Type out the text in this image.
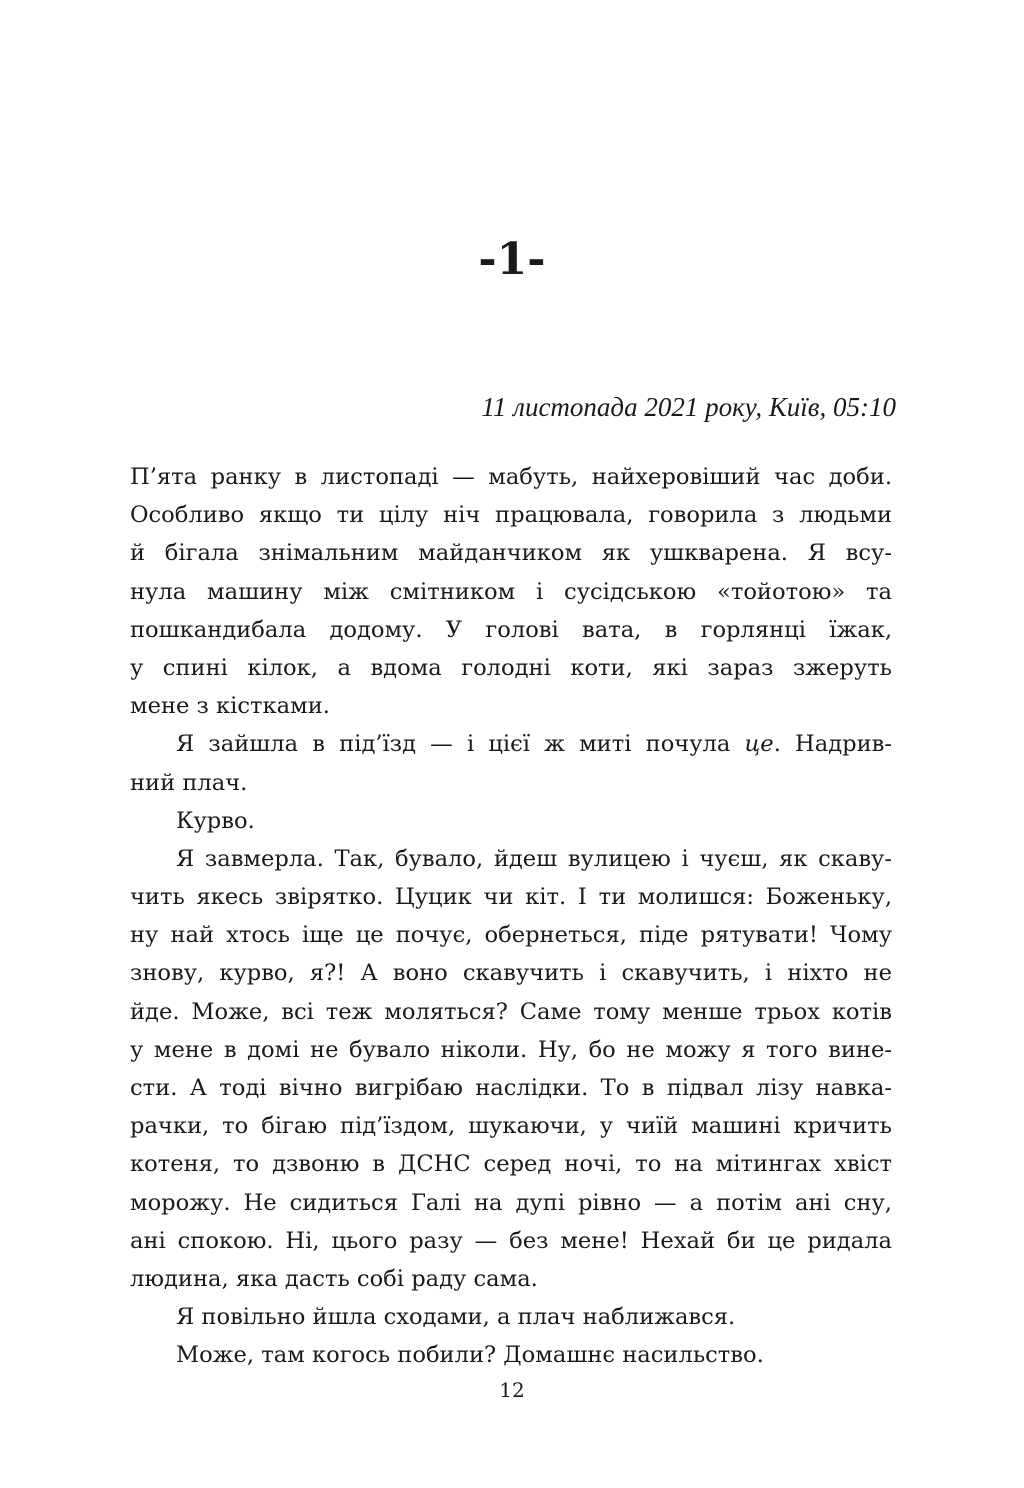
-1-

11 листопада 2021 року, Київ, 05:10

П’ята ранку в листопаді — мабуть, найхеровіший час доби.
Особливо якщо ти цілу ніч працювала, говорила з людьми
й бігала знімальним майданчиком як ушкварена. Я всу-
нула машину між смітником і сусідською «тойотою» та
пошкандибала додому. У голові вата, в горлянці їжак,
у спині кілок, а вдома голодні коти, які зараз зжеруть
мене з кістками.
Я зайшла в під’їзд — і цієї ж миті почула це. Надрив-
ний плач.
Курво.
Я завмерла. Так, бувало, йдеш вулицею і чуєш, як скаву-
чить якесь звірятко. Цуцик чи кіт. І ти молишся: Боженьку,
ну най хтось іще це почує, обернеться, піде рятувати! Чому
знову, курво, я?! А воно скавучить і скавучить, і ніхто не
йде. Може, всі теж моляться? Саме тому менше трьох котів
у мене в домі не бувало ніколи. Ну, бо не можу я того вине-
сти. А тоді вічно вигрібаю наслідки. То в підвал лізу навка-
рачки, то бігаю під’їздом, шукаючи, у чиїй машині кричить
котеня, то дзвоню в ДСНС серед ночі, то на мітингах хвіст
морожу. Не сидиться Галі на дупі рівно — а потім ані сну,
ані спокою. Ні, цього разу — без мене! Нехай би це ридала
людина, яка дасть собі раду сама.
Я повільно йшла сходами, а плач наближався.
Може, там когось побили? Домашнє насильство.
12
